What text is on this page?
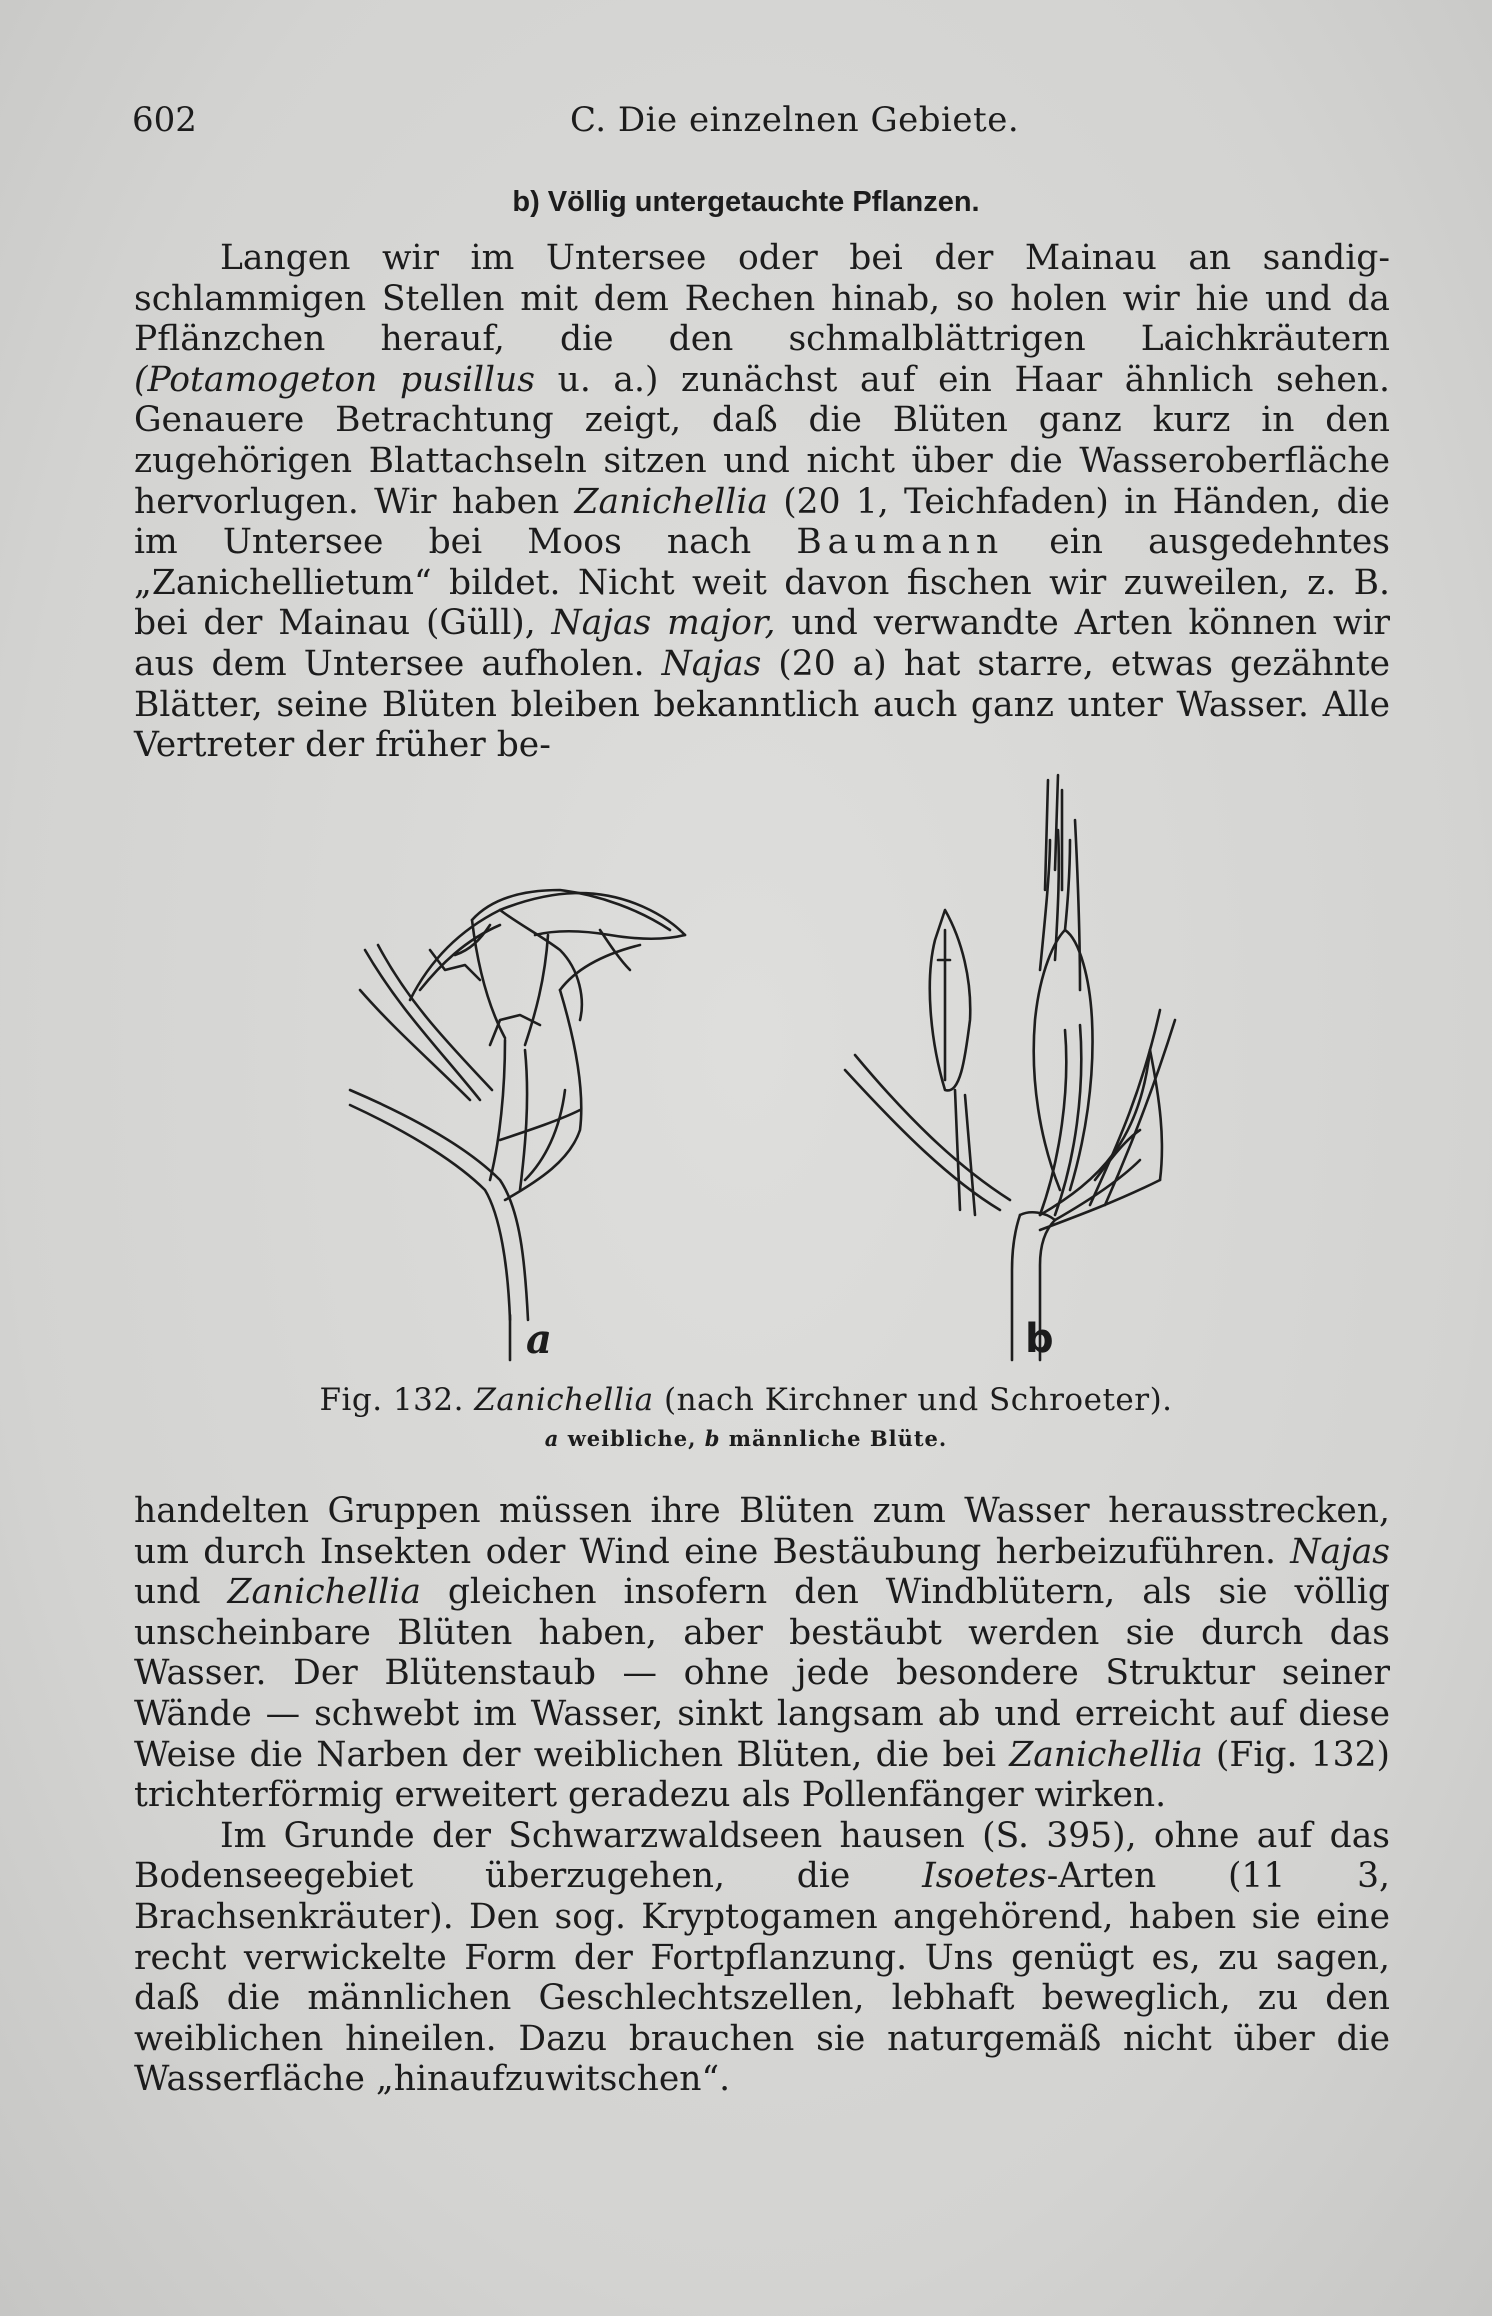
602	C. Die einzelnen Gebiete.
b) Völlig untergetauchte Pflanzen.

Langen wir im Untersee oder bei der Mainau an sandig-schlammigen Stellen mit dem Rechen hinab, so holen wir hie und da Pflänzchen herauf, die den schmalblättrigen Laichkräutern (Potamogeton pusillus u. a.) zunächst auf ein Haar ähnlich sehen. Genauere Betrachtung zeigt, daß die Blüten ganz kurz in den zugehörigen Blattachseln sitzen und nicht über die Wasseroberfläche hervorlugen. Wir haben Zanichellia (20 1, Teichfaden) in Händen, die im Untersee bei Moos nach Baumann ein ausgedehntes „Zanichellietum“ bildet. Nicht weit davon fischen wir zuweilen, z. B. bei der Mainau (Güll), Najas major, und verwandte Arten können wir aus dem Untersee aufholen. Najas (20 a) hat starre, etwas gezähnte Blätter, seine Blüten bleiben bekanntlich auch ganz unter Wasser. Alle Vertreter der früher be-

a	b
Fig. 132. Zanichellia (nach Kirchner und Schroeter).
a weibliche, b männliche Blüte.

handelten Gruppen müssen ihre Blüten zum Wasser herausstrecken, um durch Insekten oder Wind eine Bestäubung herbeizuführen. Najas und Zanichellia gleichen insofern den Windblütern, als sie völlig unscheinbare Blüten haben, aber bestäubt werden sie durch das Wasser. Der Blütenstaub — ohne jede besondere Struktur seiner Wände — schwebt im Wasser, sinkt langsam ab und erreicht auf diese Weise die Narben der weiblichen Blüten, die bei Zanichellia (Fig. 132) trichterförmig erweitert geradezu als Pollenfänger wirken.

Im Grunde der Schwarzwaldseen hausen (S. 395), ohne auf das Bodenseegebiet überzugehen, die Isoetes-Arten (11 3, Brachsenkräuter). Den sog. Kryptogamen angehörend, haben sie eine recht verwickelte Form der Fortpflanzung. Uns genügt es, zu sagen, daß die männlichen Geschlechtszellen, lebhaft beweglich, zu den weiblichen hineilen. Dazu brauchen sie naturgemäß nicht über die Wasserfläche „hinaufzuwitschen“.
